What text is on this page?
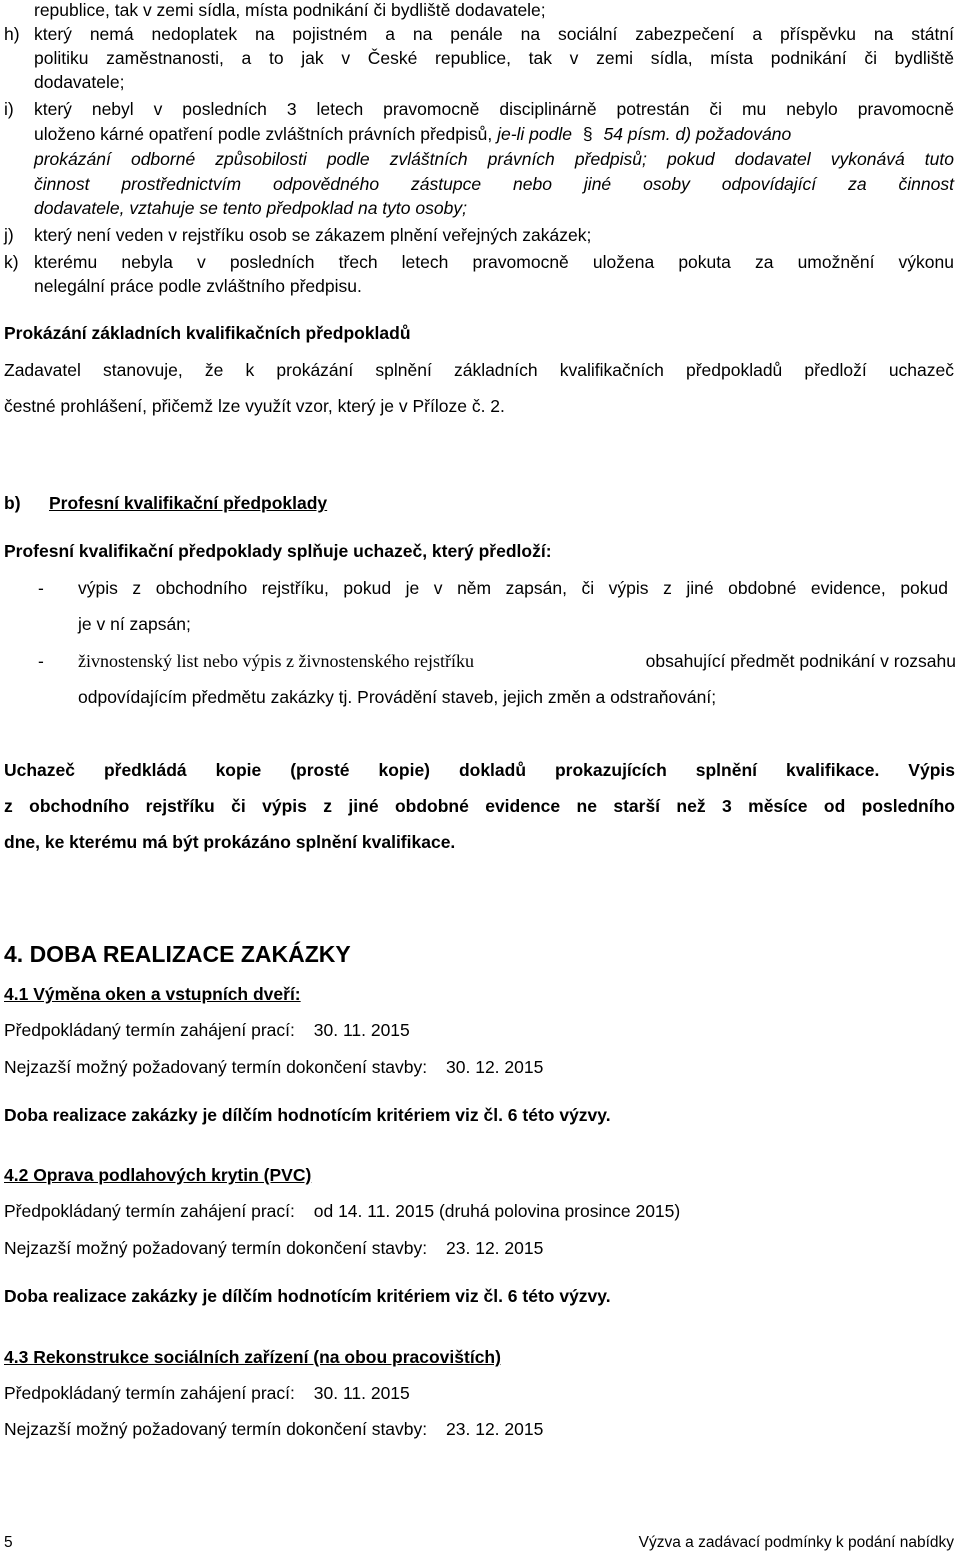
republice, tak v zemi sídla, místa podnikání či bydliště dodavatele;
h) který nemá nedoplatek na pojistném a na penále na sociální zabezpečení a příspěvku na státní
politiku zaměstnanosti, a to jak v České republice, tak v zemi sídla, místa podnikání či bydliště
dodavatele;
i) který nebyl v posledních 3 letech pravomocně disciplinárně potrestán či mu nebylo pravomocně
uloženo kárné opatření podle zvláštních právních předpisů, je-li podle § 54 písm. d) požadováno
prokázání odborné způsobilosti podle zvláštních právních předpisů; pokud dodavatel vykonává tuto
činnost prostřednictvím odpovědného zástupce nebo jiné osoby odpovídající za činnost
dodavatele, vztahuje se tento předpoklad na tyto osoby;
j) který není veden v rejstříku osob se zákazem plnění veřejných zakázek;
k) kterému nebyla v posledních třech letech pravomocně uložena pokuta za umožnění výkonu
nelegální práce podle zvláštního předpisu.
Prokázání základních kvalifikačních předpokladů
Zadavatel stanovuje, že k prokázání splnění základních kvalifikačních předpokladů předloží uchazeč
čestné prohlášení, přičemž lze využít vzor, který je v Příloze č. 2.
b) Profesní kvalifikační předpoklady
Profesní kvalifikační předpoklady splňuje uchazeč, který předloží:
- výpis z obchodního rejstříku, pokud je v něm zapsán, či výpis z jiné obdobné evidence, pokud
je v ní zapsán;
- živnostenský list nebo výpis z živnostenského rejstříku	obsahující předmět podnikání v rozsahu
odpovídajícím předmětu zakázky tj. Provádění staveb, jejich změn a odstraňování;
Uchazeč předkládá kopie (prosté kopie) dokladů prokazujících splnění kvalifikace. Výpis
z obchodního rejstříku či výpis z jiné obdobné evidence ne starší než 3 měsíce od posledního
dne, ke kterému má být prokázáno splnění kvalifikace.
4. DOBA REALIZACE ZAKÁZKY
4.1 Výměna oken a vstupních dveří:
Předpokládaný termín zahájení prací: 30. 11. 2015
Nejzazší možný požadovaný termín dokončení stavby: 30. 12. 2015
Doba realizace zakázky je dílčím hodnotícím kritériem viz čl. 6 této výzvy.
4.2 Oprava podlahových krytin (PVC)
Předpokládaný termín zahájení prací: od 14. 11. 2015 (druhá polovina prosince 2015)
Nejzazší možný požadovaný termín dokončení stavby: 23. 12. 2015
Doba realizace zakázky je dílčím hodnotícím kritériem viz čl. 6 této výzvy.
4.3 Rekonstrukce sociálních zařízení (na obou pracovištích)
Předpokládaný termín zahájení prací: 30. 11. 2015
Nejzazší možný požadovaný termín dokončení stavby: 23. 12. 2015
5	Výzva a zadávací podmínky k podání nabídky
